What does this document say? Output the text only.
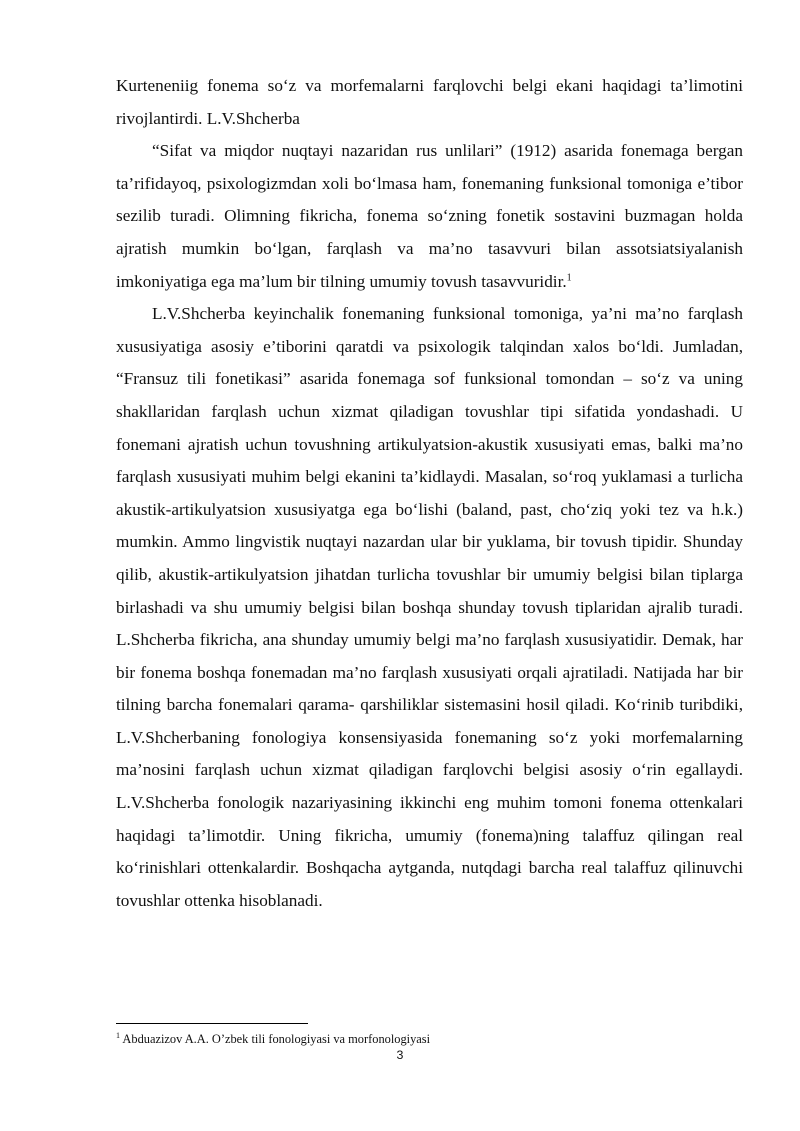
Kurteneniig fonema so‘z va morfemalarni farqlovchi belgi ekani haqidagi ta’limotini rivojlantirdi. L.V.Shcherba

“Sifat va miqdor nuqtayi nazaridan rus unlilari” (1912) asarida fonemaga bergan ta’rifidayoq, psixologizmdan xoli bo‘lmasa ham, fonemaning funksional tomoniga e’tibor sezilib turadi. Olimning fikricha, fonema so‘zning fonetik sostavini buzmagan holda ajratish mumkin bo‘lgan, farqlash va ma’no tasavvuri bilan assotsiatsiyalanish imkoniyatiga ega ma’lum bir tilning umumiy tovush tasavvuridir.$^1$

L.V.Shcherba keyinchalik fonemaning funksional tomoniga, ya’ni ma’no farqlash xususiyatiga asosiy e’tiborini qaratdi va psixologik talqindan xalos bo‘ldi. Jumladan, “Fransuz tili fonetikasi” asarida fonemaga sof funksional tomondan – so‘z va uning shakllaridan farqlash uchun xizmat qiladigan tovushlar tipi sifatida yondashadi. U fonemani ajratish uchun tovushning artikulyatsion-akustik xususiyati emas, balki ma’no farqlash xususiyati muhim belgi ekanini ta’kidlaydi. Masalan, so‘roq yuklamasi a turlicha akustik-artikulyatsion xususiyatga ega bo‘lishi (baland, past, cho‘ziq yoki tez va h.k.) mumkin. Ammo lingvistik nuqtayi nazardan ular bir yuklama, bir tovush tipidir. Shunday qilib, akustik-artikulyatsion jihatdan turlicha tovushlar bir umumiy belgisi bilan tiplarga birlashadi va shu umumiy belgisi bilan boshqa shunday tovush tiplaridan ajralib turadi. L.Shcherba fikricha, ana shunday umumiy belgi ma’no farqlash xususiyatidir. Demak, har bir fonema boshqa fonemadan ma’no farqlash xususiyati orqali ajratiladi. Natijada har bir tilning barcha fonemalari qarama- qarshiliklar sistemasini hosil qiladi. Ko‘rinib turibdiki, L.V.Shcherbaning fonologiya konsensiyasida fonemaning so‘z yoki morfemalarning ma’nosini farqlash uchun xizmat qiladigan farqlovchi belgisi asosiy o‘rin egallaydi. L.V.Shcherba fonologik nazariyasining ikkinchi eng muhim tomoni fonema ottenkalari haqidagi ta’limotdir. Uning fikricha, umumiy (fonema)ning talaffuz qilingan real ko‘rinishlari ottenkalardir. Boshqacha aytganda, nutqdagi barcha real talaffuz qilinuvchi tovushlar ottenka hisoblanadi.

$^1$ Abduazizov A.A. O’zbek tili fonologiyasi va morfonologiyasi
3
